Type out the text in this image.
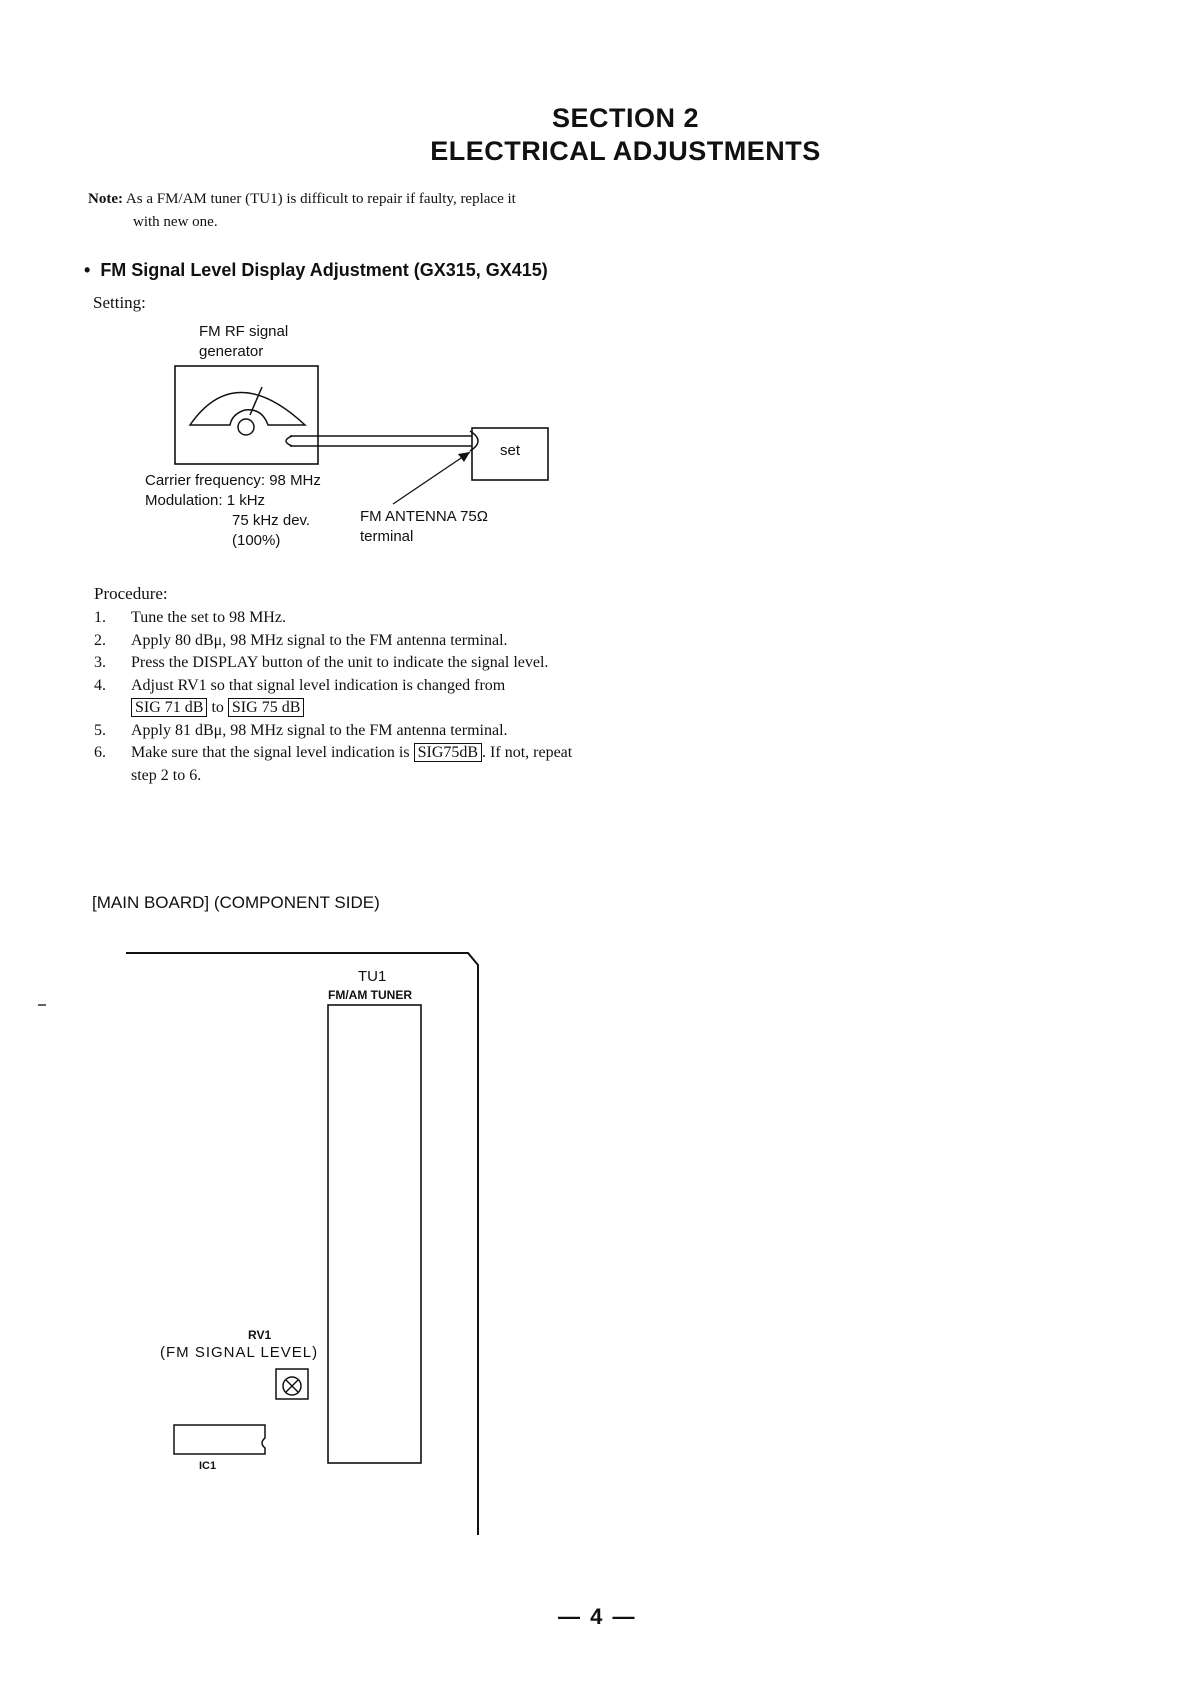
SECTION 2
ELECTRICAL ADJUSTMENTS
Note: As a FM/AM tuner (TU1) is difficult to repair if faulty, replace it
with new one.
• FM Signal Level Display Adjustment (GX315, GX415)
Setting:
FM RF signal
generator
set
Carrier frequency: 98 MHz
Modulation: 1 kHz
75 kHz dev.
(100%)
FM ANTENNA 75Ω
terminal
Procedure:
1. Tune the set to 98 MHz.
2. Apply 80 dBμ, 98 MHz signal to the FM antenna terminal.
3. Press the DISPLAY button of the unit to indicate the signal level.
4. Adjust RV1 so that signal level indication is changed from
SIG 71 dB to SIG 75 dB
5. Apply 81 dBμ, 98 MHz signal to the FM antenna terminal.
6. Make sure that the signal level indication is SIG75dB . If not, repeat step 2 to 6.
[MAIN BOARD] (COMPONENT SIDE)
TU1
FM/AM TUNER
RV1
(FM SIGNAL LEVEL)
IC1
— 4 —
